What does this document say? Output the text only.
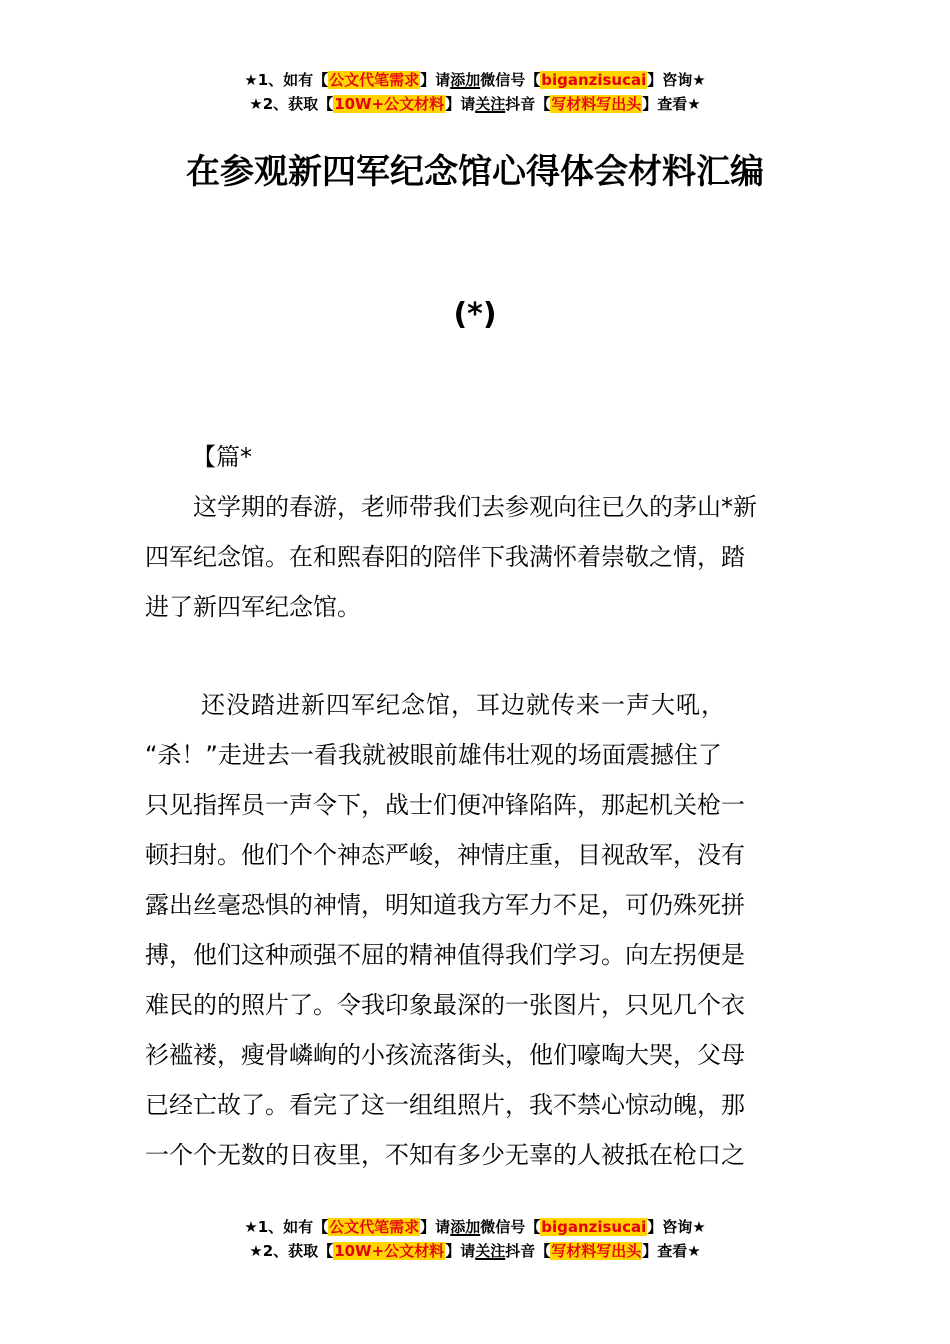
★1、如有【公文代笔需求】请添加微信号【biganzisucai】咨询★
★2、获取【10W+公文材料】请关注抖音【写材料写出头】查看★
在参观新四军纪念馆心得体会材料汇编
(*)
【篇*
这学期的春游，老师带我们去参观向往已久的茅山*新
四军纪念馆。在和熙春阳的陪伴下我满怀着崇敬之情，踏
进了新四军纪念馆。
还没踏进新四军纪念馆，耳边就传来一声大吼，
“杀！”走进去一看我就被眼前雄伟壮观的场面震撼住了
只见指挥员一声令下，战士们便冲锋陷阵，那起机关枪一
顿扫射。他们个个神态严峻，神情庄重，目视敌军，没有
露出丝毫恐惧的神情，明知道我方军力不足，可仍殊死拼
搏，他们这种顽强不屈的精神值得我们学习。向左拐便是
难民的的照片了。令我印象最深的一张图片，只见几个衣
衫褴褛，瘦骨嶙峋的小孩流落街头，他们嚎啕大哭，父母
已经亡故了。看完了这一组组照片，我不禁心惊动魄，那
一个个无数的日夜里，不知有多少无辜的人被抵在枪口之
★1、如有【公文代笔需求】请添加微信号【biganzisucai】咨询★
★2、获取【10W+公文材料】请关注抖音【写材料写出头】查看★
